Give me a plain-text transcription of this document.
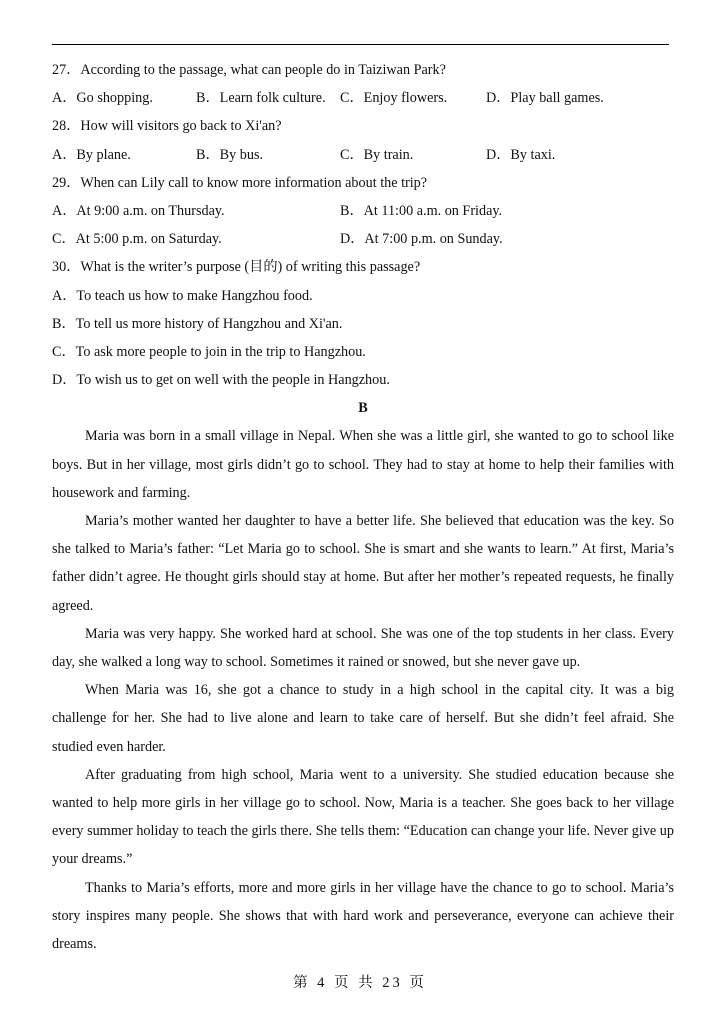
27．According to the passage, what can people do in Taiziwan Park?
A．Go shopping.	B．Learn folk culture. C．Enjoy flowers.	D．Play ball games.
28．How will visitors go back to Xi'an?
A．By plane.	B．By bus.	C．By train.	D．By taxi.
29．When can Lily call to know more information about the trip?
A．At 9:00 a.m. on Thursday.	B．At 11:00 a.m. on Friday.
C．At 5:00 p.m. on Saturday.	D．At 7:00 p.m. on Sunday.
30．What is the writer’s purpose (目的) of writing this passage?
A．To teach us how to make Hangzhou food.
B．To tell us more history of Hangzhou and Xi'an.
C．To ask more people to join in the trip to Hangzhou.
D．To wish us to get on well with the people in Hangzhou.
B

Maria was born in a small village in Nepal. When she was a little girl, she wanted to go to school like boys. But in her village, most girls didn’t go to school. They had to stay at home to help their families with housework and farming.

Maria’s mother wanted her daughter to have a better life. She believed that education was the key. So she talked to Maria’s father: “Let Maria go to school. She is smart and she wants to learn.” At first, Maria’s father didn’t agree. He thought girls should stay at home. But after her mother’s repeated requests, he finally agreed.

Maria was very happy. She worked hard at school. She was one of the top students in her class. Every day, she walked a long way to school. Sometimes it rained or snowed, but she never gave up.

When Maria was 16, she got a chance to study in a high school in the capital city. It was a big challenge for her. She had to live alone and learn to take care of herself. But she didn’t feel afraid. She studied even harder.

After graduating from high school, Maria went to a university. She studied education because she wanted to help more girls in her village go to school. Now, Maria is a teacher. She goes back to her village every summer holiday to teach the girls there. She tells them: “Education can change your life. Never give up your dreams.”

Thanks to Maria’s efforts, more and more girls in her village have the chance to go to school. Maria’s story inspires many people. She shows that with hard work and perseverance, everyone can achieve their dreams.

第 4 页 共 23 页
